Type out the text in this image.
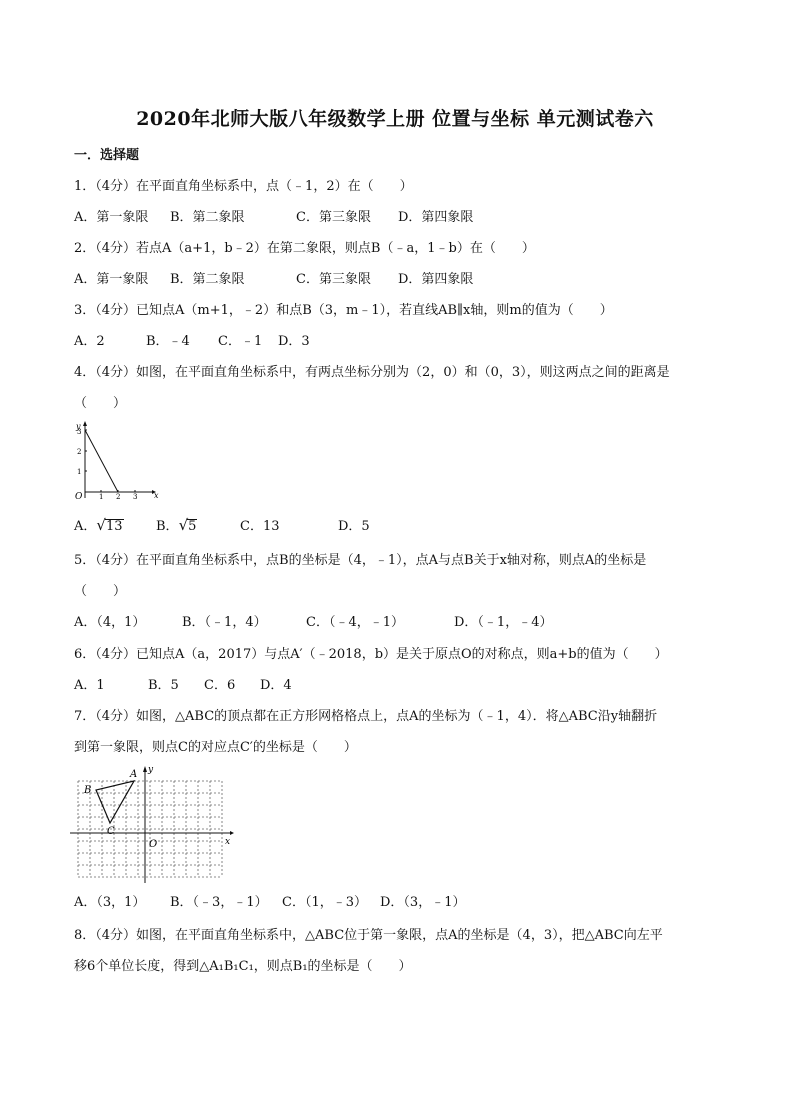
2020年北师大版八年级数学上册 位置与坐标 单元测试卷六
一．选择题
1．（4分）在平面直角坐标系中，点（﹣1，2）在（　　）
A．第一象限 B．第二象限	C．第三象限 D．第四象限
2．（4分）若点A（a+1，b﹣2）在第二象限，则点B（﹣a，1﹣b）在（　　）
A．第一象限 B．第二象限	C．第三象限 D．第四象限
3．（4分）已知点A（m+1，﹣2）和点B（3，m﹣1），若直线AB∥x轴，则m的值为（　　）
A．2	B．﹣4 C．﹣1 D．3
4．（4分）如图，在平面直角坐标系中，有两点坐标分别为（2，0）和（0，3），则这两点之间的距离是
（　　）
y
x
O
3
2
1
1 2 3
A．√13	B．√5	C．13	D．5
5．（4分）在平面直角坐标系中，点B的坐标是（4，﹣1），点A与点B关于x轴对称，则点A的坐标是
（　　）
A．（4，1）	B．（﹣1，4）	C．（﹣4，﹣1）	D．（﹣1，﹣4）
6．（4分）已知点A（a，2017）与点A′（﹣2018，b）是关于原点O的对称点，则a+b的值为（　　）
A．1	B．5 C．6 D．4
7．（4分）如图，△ABC的顶点都在正方形网格格点上，点A的坐标为（﹣1，4）．将△ABC沿y轴翻折
到第一象限，则点C的对应点C′的坐标是（　　）
A
B
C
O	x
y
A．（3，1） B．（﹣3，﹣1） C．（1，﹣3） D．（3，﹣1）
8．（4分）如图，在平面直角坐标系中，△ABC位于第一象限，点A的坐标是（4，3），把△ABC向左平
移6个单位长度，得到△A₁B₁C₁，则点B₁的坐标是（　　）
